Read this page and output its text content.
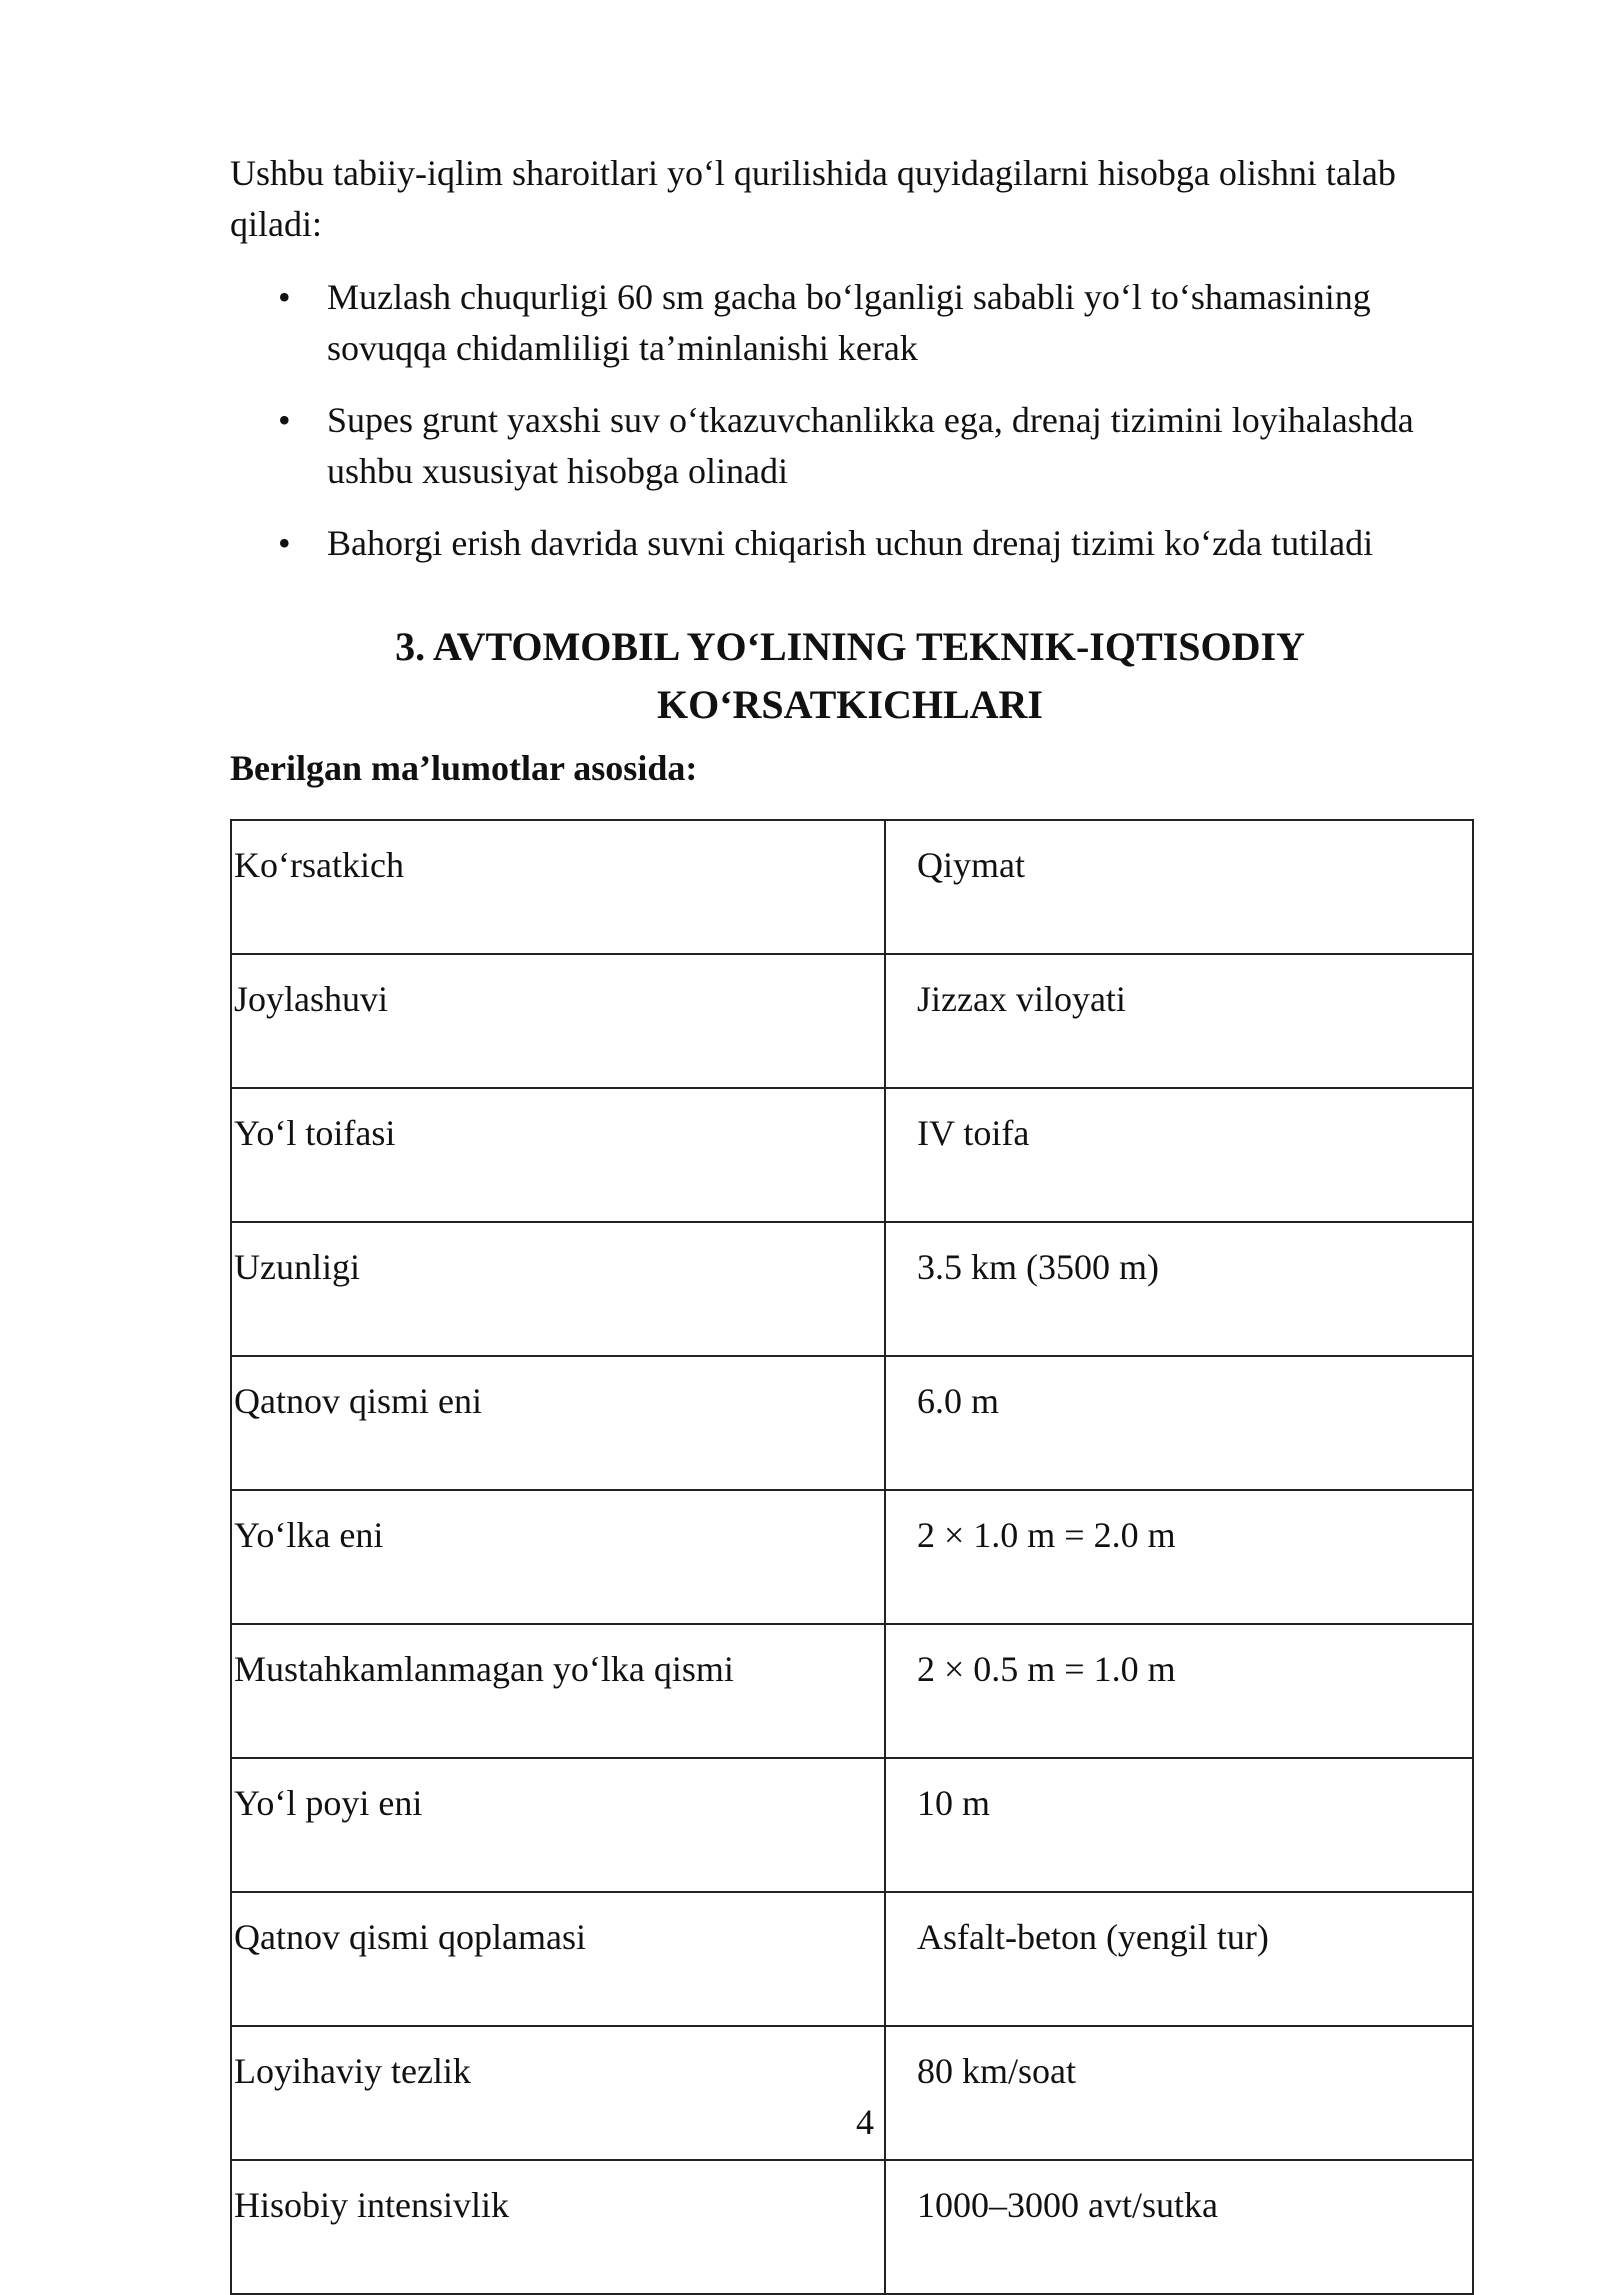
Ushbu tabiiy-iqlim sharoitlari yo‘l qurilishida quyidagilarni hisobga olishni talab qiladi:

• Muzlash chuqurligi 60 sm gacha bo‘lganligi sababli yo‘l to‘shamasining sovuqqa chidamliligi ta’minlanishi kerak
• Supes grunt yaxshi suv o‘tkazuvchanlikka ega, drenaj tizimini loyihalashda ushbu xususiyat hisobga olinadi
• Bahorgi erish davrida suvni chiqarish uchun drenaj tizimi ko‘zda tutiladi
3. AVTOMOBIL YO‘LINING TEKNIK-IQTISODIY
KO‘RSATKICHLARI

Berilgan ma’lumotlar asosida:

Ko‘rsatkich	Qiymat
Joylashuvi	Jizzax viloyati
Yo‘l toifasi	IV toifa
Uzunligi	3.5 km (3500 m)
Qatnov qismi eni	6.0 m
Yo‘lka eni	2 × 1.0 m = 2.0 m
Mustahkamlanmagan yo‘lka qismi	2 × 0.5 m = 1.0 m
Yo‘l poyi eni	10 m
Qatnov qismi qoplamasi	Asfalt-beton (yengil tur)
Loyihaviy tezlik	80 km/soat
Hisobiy intensivlik	1000–3000 avt/sutka

4
